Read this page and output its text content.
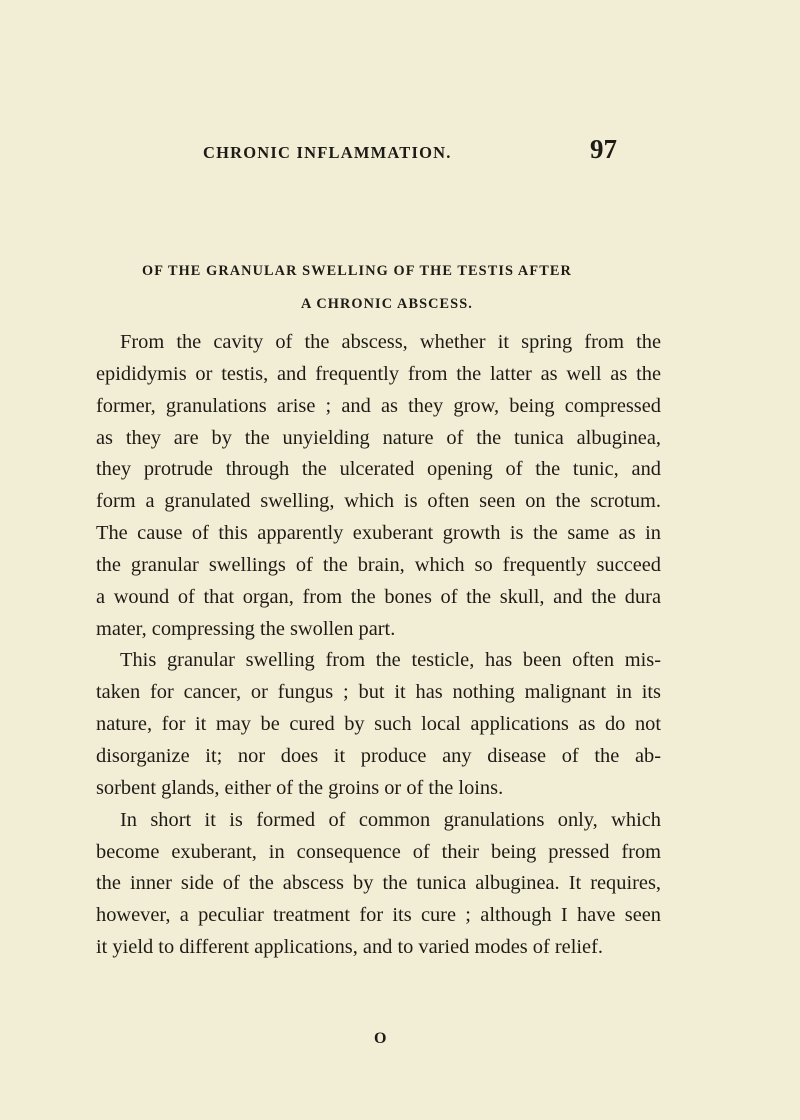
CHRONIC INFLAMMATION.	97
OF THE GRANULAR SWELLING OF THE TESTIS AFTER
A CHRONIC ABSCESS.
From the cavity of the abscess, whether it spring from the
epididymis or testis, and frequently from the latter as well as the
former, granulations arise ; and as they grow, being compressed
as they are by the unyielding nature of the tunica albuginea,
they protrude through the ulcerated opening of the tunic, and
form a granulated swelling, which is often seen on the scrotum.
The cause of this apparently exuberant growth is the same as in
the granular swellings of the brain, which so frequently succeed
a wound of that organ, from the bones of the skull, and the dura
mater, compressing the swollen part.
This granular swelling from the testicle, has been often mis-
taken for cancer, or fungus ; but it has nothing malignant in its
nature, for it may be cured by such local applications as do not
disorganize it; nor does it produce any disease of the ab-
sorbent glands, either of the groins or of the loins.
In short it is formed of common granulations only, which
become exuberant, in consequence of their being pressed from
the inner side of the abscess by the tunica albuginea. It requires,
however, a peculiar treatment for its cure ; although I have seen
it yield to different applications, and to varied modes of relief.
O
